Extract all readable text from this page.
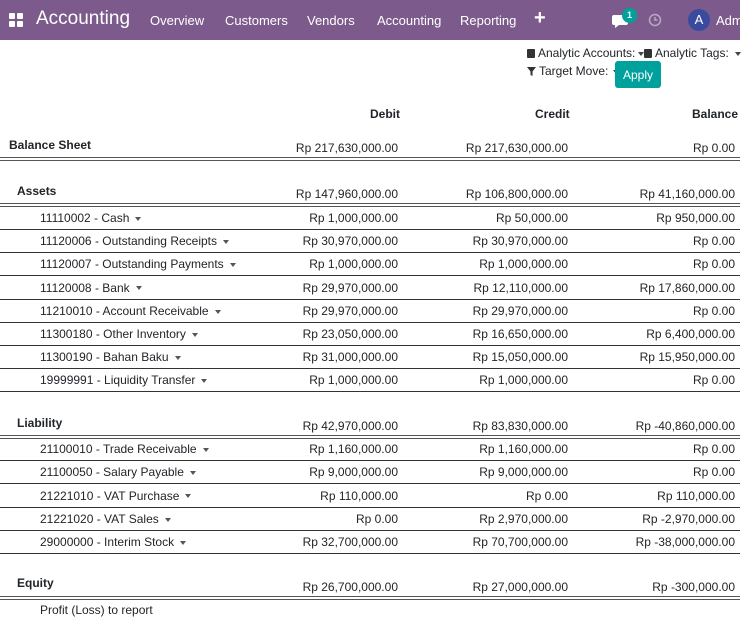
Accounting Overview Customers Vendors Accounting Reporting +	1	A Admi
Analytic Accounts:	Analytic Tags:
Target Move:	Apply
Debit	Credit	Balance
Balance Sheet	Rp 217,630,000.00	Rp 217,630,000.00	Rp 0.00
Assets	Rp 147,960,000.00	Rp 106,800,000.00	Rp 41,160,000.00
11110002 - Cash	Rp 1,000,000.00	Rp 50,000.00	Rp 950,000.00
11120006 - Outstanding Receipts	Rp 30,970,000.00	Rp 30,970,000.00	Rp 0.00
11120007 - Outstanding Payments	Rp 1,000,000.00	Rp 1,000,000.00	Rp 0.00
11120008 - Bank	Rp 29,970,000.00	Rp 12,110,000.00	Rp 17,860,000.00
11210010 - Account Receivable	Rp 29,970,000.00	Rp 29,970,000.00	Rp 0.00
11300180 - Other Inventory	Rp 23,050,000.00	Rp 16,650,000.00	Rp 6,400,000.00
11300190 - Bahan Baku	Rp 31,000,000.00	Rp 15,050,000.00	Rp 15,950,000.00
19999991 - Liquidity Transfer	Rp 1,000,000.00	Rp 1,000,000.00	Rp 0.00
Liability	Rp 42,970,000.00	Rp 83,830,000.00	Rp -40,860,000.00
21100010 - Trade Receivable	Rp 1,160,000.00	Rp 1,160,000.00	Rp 0.00
21100050 - Salary Payable	Rp 9,000,000.00	Rp 9,000,000.00	Rp 0.00
21221010 - VAT Purchase	Rp 110,000.00	Rp 0.00	Rp 110,000.00
21221020 - VAT Sales	Rp 0.00	Rp 2,970,000.00	Rp -2,970,000.00
29000000 - Interim Stock	Rp 32,700,000.00	Rp 70,700,000.00	Rp -38,000,000.00
Equity	Rp 26,700,000.00	Rp 27,000,000.00	Rp -300,000.00
Profit (Loss) to report
